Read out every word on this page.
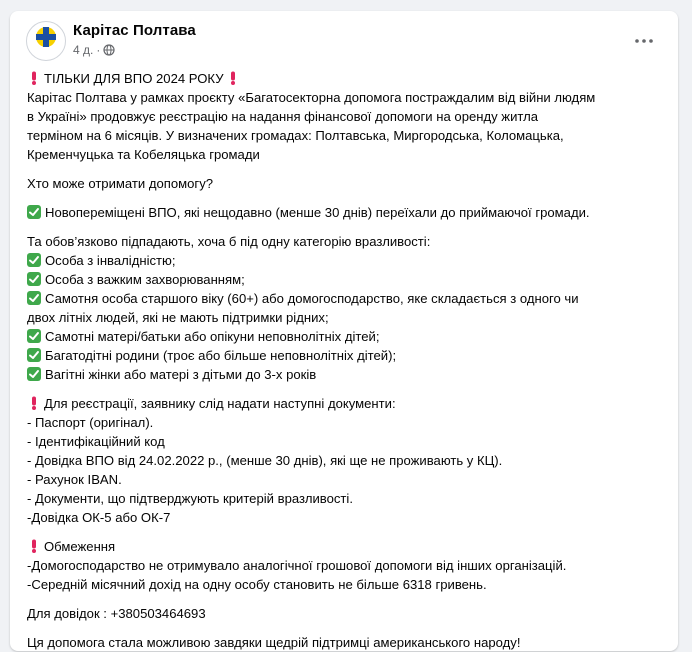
Карітас Полтава
4 д. ·

ТІЛЬКИ ДЛЯ ВПО 2024 РОКУ

Карітас Полтава у рамках проєкту «Багатосекторна допомога постраждалим від війни людям

в Україні» продовжує реєстрацію на надання фінансової допомоги на оренду житла

терміном на 6 місяців. У визначених громадах: Полтавська, Миргородська, Коломацька,

Кременчуцька та Кобеляцька громади

Хто може отримати допомогу?

Новопереміщені ВПО, які нещодавно (менше 30 днів) переїхали до приймаючої громади.

Та обов’язково підпадають, хоча б під одну категорію вразливості:

Особа з інвалідністю;

Особа з важким захворюванням;

Самотня особа старшого віку (60+) або домогосподарство, яке складається з одного чи

двох літніх людей, які не мають підтримки рідних;

Самотні матері/батьки або опікуни неповнолітніх дітей;

Багатодітні родини (троє або більше неповнолітніх дітей);

Вагітні жінки або матері з дітьми до 3-х років

Для реєстрації, заявнику слід надати наступні документи:

- Паспорт (оригінал).

- Ідентифікаційний код

- Довідка ВПО від 24.02.2022 р., (менше 30 днів), які ще не проживають у КЦ).

- Рахунок IBAN.

- Документи, що підтверджують критерій вразливості.

-Довідка ОК-5 або ОК-7

Обмеження

-Домогосподарство не отримувало аналогічної грошової допомоги від інших організацій.

-Середній місячний дохід на одну особу становить не більше 6318 гривень.

Для довідок : +380503464693

Ця допомога стала можливою завдяки щедрій підтримці американського народу!
